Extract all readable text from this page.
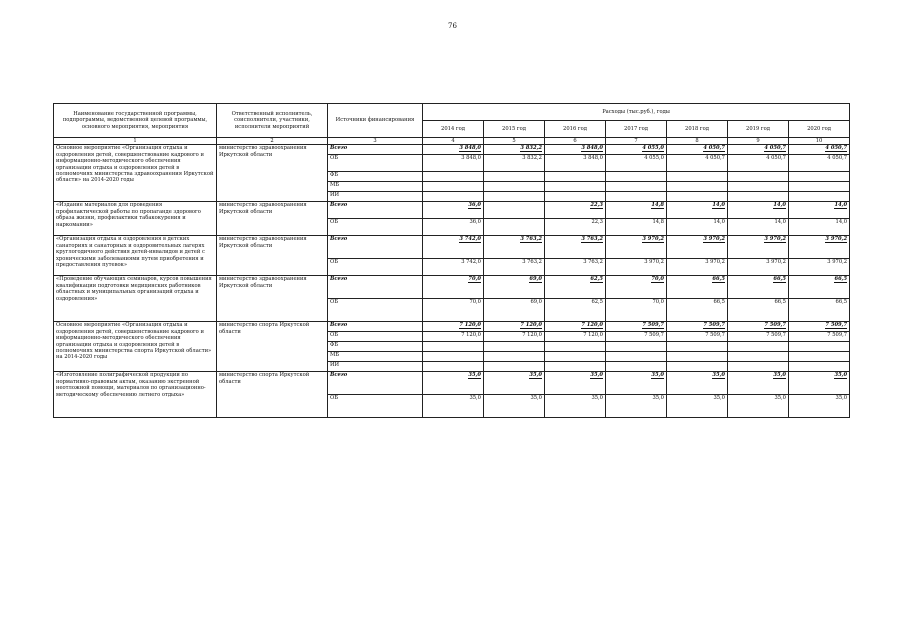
76
Наименование государственной программы, подпрограммы, ведомственной целевой программы, основного мероприятия, мероприятия	Ответственный исполнитель, соисполнители, участники, исполнители мероприятий	Источники финансирования	Расходы (тыс.руб.), годы						
			2014 год	2015 год	2016 год	2017 год	2018 год	2019 год	2020 год
1	2	3	4	5	6	7	8	9	10
Основное мероприятие «Организация отдыха и оздоровления детей, совершенствование кадрового и информационно-методического обеспечения организации отдыха и оздоровления детей в полномочиях министерства здравоохранения Иркутской области» на 2014-2020 годы	министерство здравоохранения Иркутской области	Всего	3 848,0	3 832,2	3 848,0	4 055,0	4 050,7	4 050,7	4 050,7
		ОБ	3 848,0	3 832,2	3 848,0	4 055,0	4 050,7	4 050,7	4 050,7
		ФБ							
		МБ							
		ИИ							
«Издание материалов для проведения профилактической работы по пропаганде здорового образа жизни, профилактики табакокурения и наркомании»	министерство здравоохранения Иркутской области	Всего	36,0		22,3	14,8	14,0	14,0	14,0
		ОБ	36,0		22,3	14,8	14,0	14,0	14,0
«Организация отдыха и оздоровления в детских санаториях и санаторных и оздоровительных лагерях круглогодичного действия детей-инвалидов и детей с хроническими заболеваниями путем приобретения и предоставления путевок»	министерство здравоохранения Иркутской области	Всего	3 742,0	3 763,2	3 763,2	3 970,2	3 970,2	3 970,2	3 970,2
		ОБ	3 742,0	3 763,2	3 763,2	3 970,2	3 970,2	3 970,2	3 970,2
«Проведение обучающих семинаров, курсов повышения квалификации подготовки медицинских работников областных и муниципальных организаций отдыха и оздоровления»	министерство здравоохранения Иркутской области	Всего	70,0	69,0	62,5	70,0	66,5	66,5	66,5
		ОБ	70,0	69,0	62,5	70,0	66,5	66,5	66,5
Основное мероприятие «Организация отдыха и оздоровления детей, совершенствование кадрового и информационно-методического обеспечения организации отдыха и оздоровления детей в полномочиях министерства спорта Иркутской области» на 2014-2020 годы	министерство спорта Иркутской области	Всего	7 120,0	7 120,0	7 120,0	7 509,7	7 509,7	7 509,7	7 509,7
		ОБ	7 120,0	7 120,0	7 120,0	7 509,7	7 509,7	7 509,7	7 509,7
		ФБ							
		МБ							
		ИИ							
«Изготовление полиграфической продукции по нормативно-правовым актам, оказанию экстренной неотложной помощи, материалов по организационно-методическому обеспечению летнего отдыха»	министерство спорта Иркутской области	Всего	35,0	35,0	35,0	35,0	35,0	35,0	35,0
		ОБ	35,0	35,0	35,0	35,0	35,0	35,0	35,0
